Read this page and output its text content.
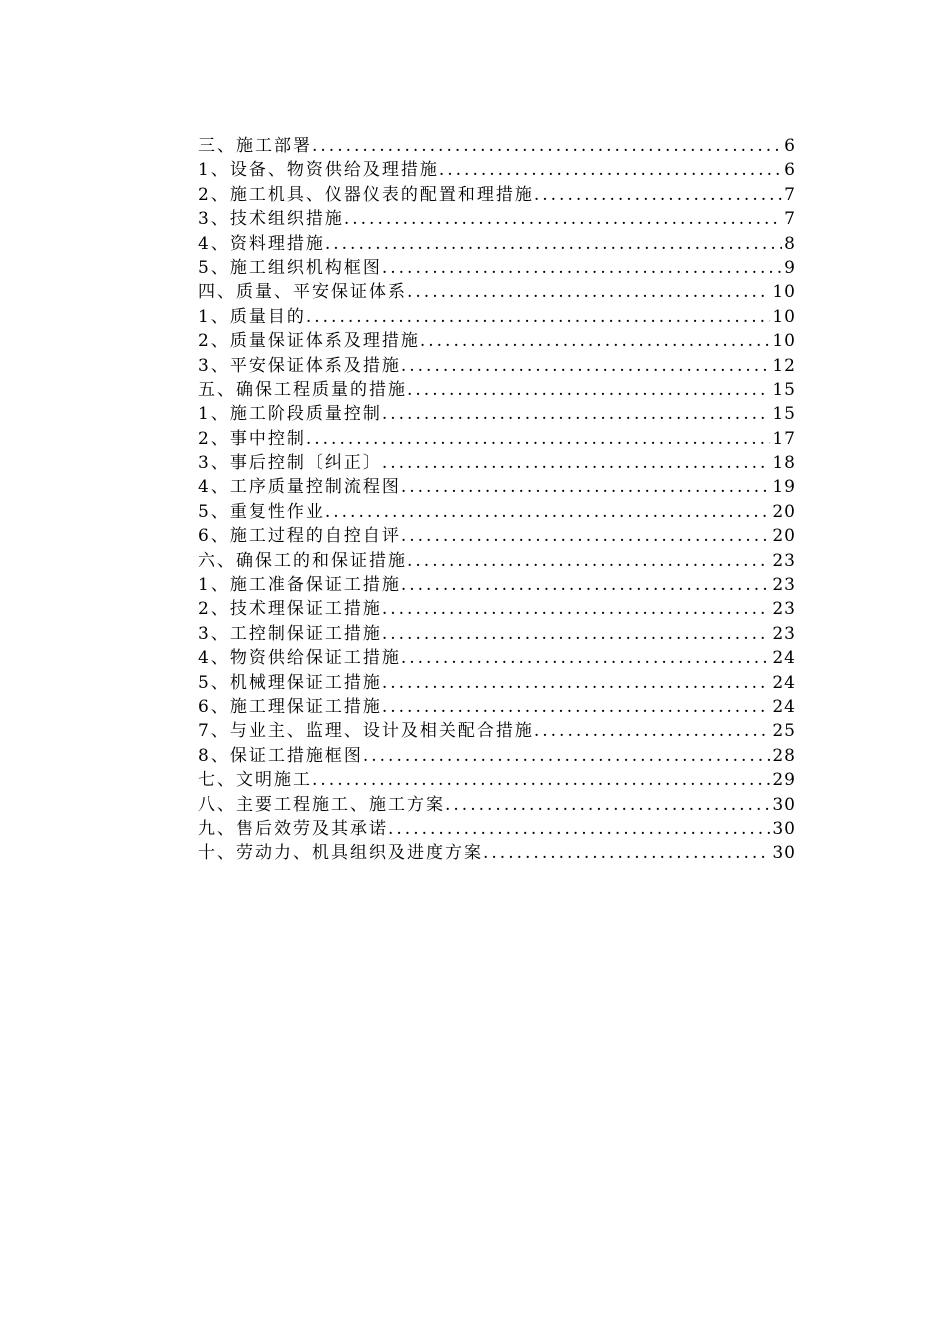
三、施工部署 .....	6
1、设备、物资供给及理措施 .....	6
2、施工机具、仪器仪表的配置和理措施 .....	7
3、技术组织措施 .....	7
4、资料理措施 .....	8
5、施工组织机构框图 .....	9
四、质量、平安保证体系 .....	10
1、质量目的 .....	10
2、质量保证体系及理措施 .....	10
3、平安保证体系及措施 .....	12
五、确保工程质量的措施 .....	15
1、施工阶段质量控制 .....	15
2、事中控制 .....	17
3、事后控制〔纠正〕 .....	18
4、工序质量控制流程图 .....	19
5、重复性作业 .....	20
6、施工过程的自控自评 .....	20
六、确保工的和保证措施 .....	23
1、施工准备保证工措施 .....	23
2、技术理保证工措施 .....	23
3、工控制保证工措施 .....	23
4、物资供给保证工措施 .....	24
5、机械理保证工措施 .....	24
6、施工理保证工措施 .....	24
7、与业主、监理、设计及相关配合措施 .....	25
8、保证工措施框图 .....	28
七、文明施工 .....	29
八、主要工程施工、施工方案 .....	30
九、售后效劳及其承诺 .....	30
十、劳动力、机具组织及进度方案 .....	30
